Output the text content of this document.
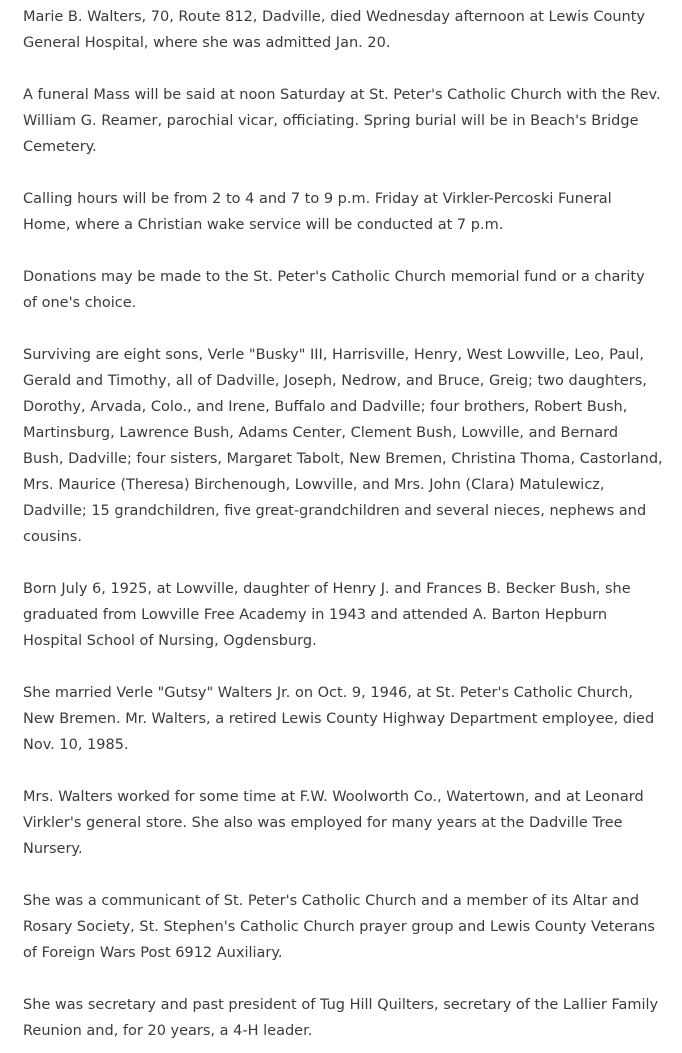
Marie B. Walters, 70, Route 812, Dadville, died Wednesday afternoon at Lewis County General Hospital, where she was admitted Jan. 20.

A funeral Mass will be said at noon Saturday at St. Peter's Catholic Church with the Rev. William G. Reamer, parochial vicar, officiating. Spring burial will be in Beach's Bridge Cemetery.

Calling hours will be from 2 to 4 and 7 to 9 p.m. Friday at Virkler-Percoski Funeral Home, where a Christian wake service will be conducted at 7 p.m.

Donations may be made to the St. Peter's Catholic Church memorial fund or a charity of one's choice.

Surviving are eight sons, Verle "Busky" III, Harrisville, Henry, West Lowville, Leo, Paul, Gerald and Timothy, all of Dadville, Joseph, Nedrow, and Bruce, Greig; two daughters, Dorothy, Arvada, Colo., and Irene, Buffalo and Dadville; four brothers, Robert Bush, Martinsburg, Lawrence Bush, Adams Center, Clement Bush, Lowville, and Bernard Bush, Dadville; four sisters, Margaret Tabolt, New Bremen, Christina Thoma, Castorland, Mrs. Maurice (Theresa) Birchenough, Lowville, and Mrs. John (Clara) Matulewicz, Dadville; 15 grandchildren, five great-grandchildren and several nieces, nephews and cousins.

Born July 6, 1925, at Lowville, daughter of Henry J. and Frances B. Becker Bush, she graduated from Lowville Free Academy in 1943 and attended A. Barton Hepburn Hospital School of Nursing, Ogdensburg.

She married Verle "Gutsy" Walters Jr. on Oct. 9, 1946, at St. Peter's Catholic Church, New Bremen. Mr. Walters, a retired Lewis County Highway Department employee, died Nov. 10, 1985.

Mrs. Walters worked for some time at F.W. Woolworth Co., Watertown, and at Leonard Virkler's general store. She also was employed for many years at the Dadville Tree Nursery.

She was a communicant of St. Peter's Catholic Church and a member of its Altar and Rosary Society, St. Stephen's Catholic Church prayer group and Lewis County Veterans of Foreign Wars Post 6912 Auxiliary.

She was secretary and past president of Tug Hill Quilters, secretary of the Lallier Family Reunion and, for 20 years, a 4-H leader.
